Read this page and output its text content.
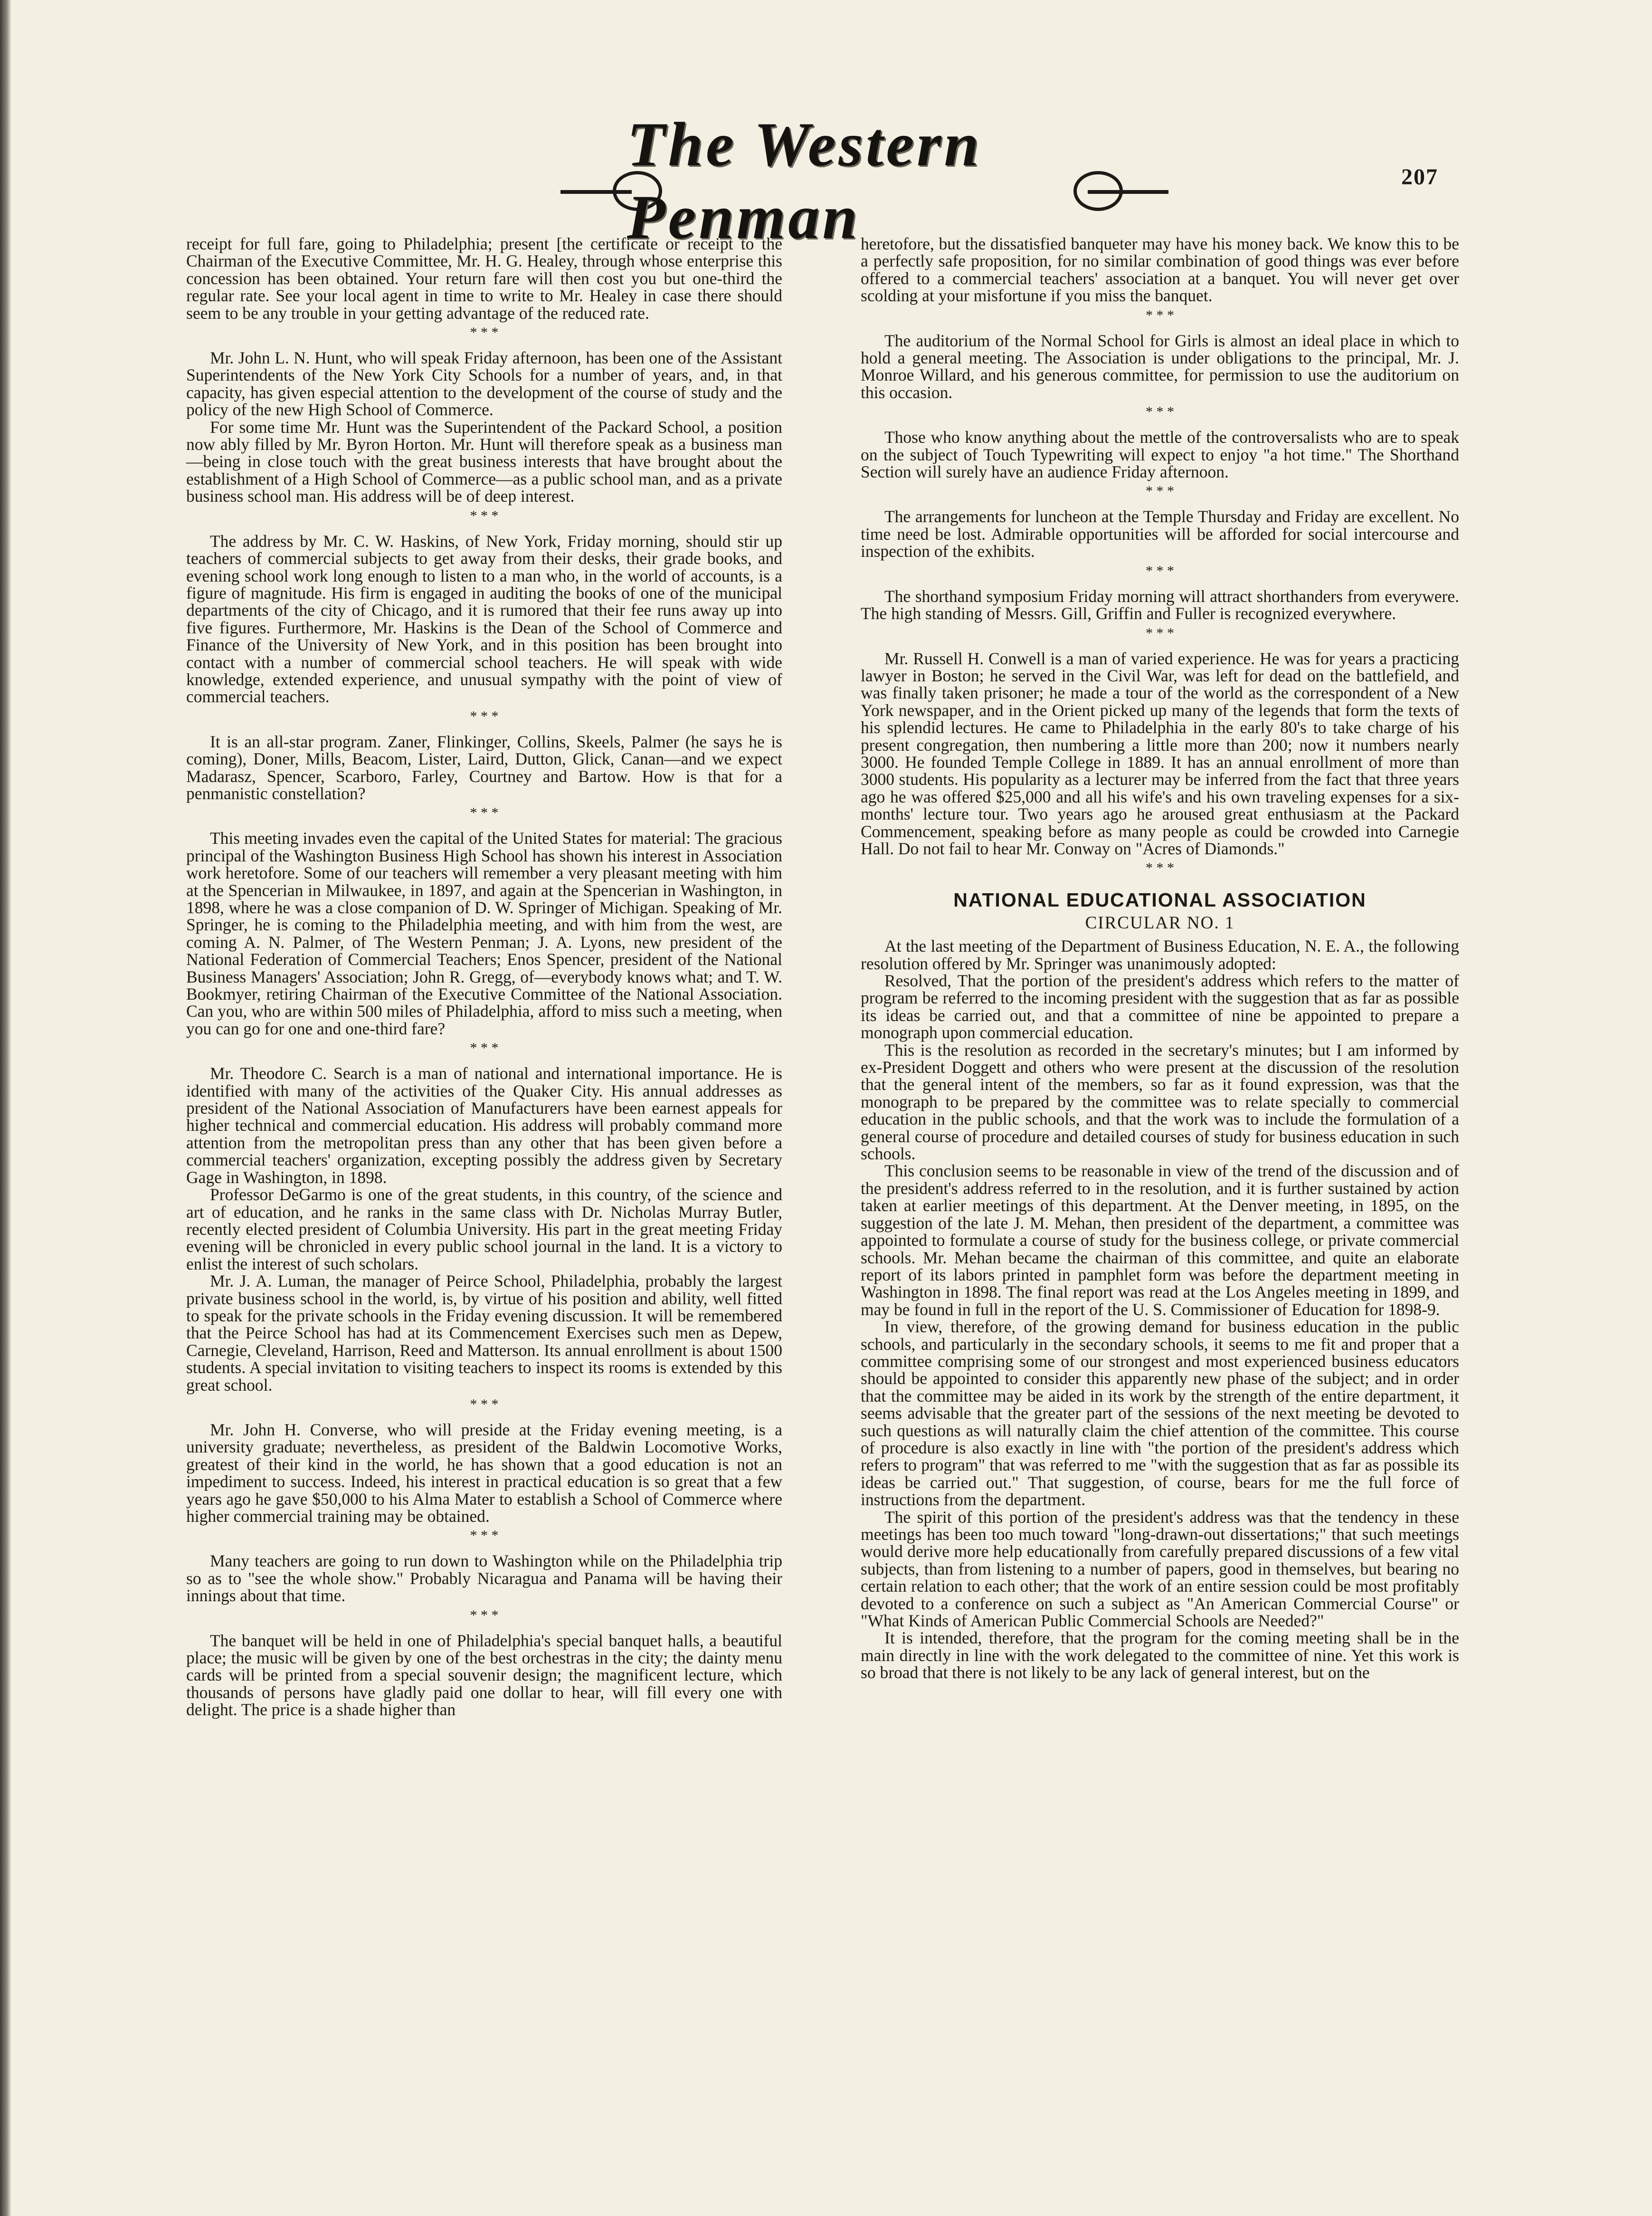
The Western Penman
207

receipt for full fare, going to Philadelphia; present [the certificate or receipt to the Chairman of the Executive Committee, Mr. H. G. Healey, through whose enterprise this concession has been obtained. Your return fare will then cost you but one-third the regular rate. See your local agent in time to write to Mr. Healey in case there should seem to be any trouble in your getting advantage of the reduced rate.

* * *

Mr. John L. N. Hunt, who will speak Friday afternoon, has been one of the Assistant Superintendents of the New York City Schools for a number of years, and, in that capacity, has given especial attention to the development of the course of study and the policy of the new High School of Commerce.

For some time Mr. Hunt was the Superintendent of the Packard School, a position now ably filled by Mr. Byron Horton. Mr. Hunt will therefore speak as a business man—being in close touch with the great business interests that have brought about the establishment of a High School of Commerce—as a public school man, and as a private business school man. His address will be of deep interest.

* * *

The address by Mr. C. W. Haskins, of New York, Friday morning, should stir up teachers of commercial subjects to get away from their desks, their grade books, and evening school work long enough to listen to a man who, in the world of accounts, is a figure of magnitude. His firm is engaged in auditing the books of one of the municipal departments of the city of Chicago, and it is rumored that their fee runs away up into five figures. Furthermore, Mr. Haskins is the Dean of the School of Commerce and Finance of the University of New York, and in this position has been brought into contact with a number of commercial school teachers. He will speak with wide knowledge, extended experience, and unusual sympathy with the point of view of commercial teachers.

* * *

It is an all-star program. Zaner, Flinkinger, Collins, Skeels, Palmer (he says he is coming), Doner, Mills, Beacom, Lister, Laird, Dutton, Glick, Canan—and we expect Madarasz, Spencer, Scarboro, Farley, Courtney and Bartow. How is that for a penmanistic constellation?

* * *

This meeting invades even the capital of the United States for material: The gracious principal of the Washington Business High School has shown his interest in Association work heretofore. Some of our teachers will remember a very pleasant meeting with him at the Spencerian in Milwaukee, in 1897, and again at the Spencerian in Washington, in 1898, where he was a close companion of D. W. Springer of Michigan. Speaking of Mr. Springer, he is coming to the Philadelphia meeting, and with him from the west, are coming A. N. Palmer, of The Western Penman; J. A. Lyons, new president of the National Federation of Commercial Teachers; Enos Spencer, president of the National Business Managers' Association; John R. Gregg, of—everybody knows what; and T. W. Bookmyer, retiring Chairman of the Executive Committee of the National Association. Can you, who are within 500 miles of Philadelphia, afford to miss such a meeting, when you can go for one and one-third fare?

* * *

Mr. Theodore C. Search is a man of national and international importance. He is identified with many of the activities of the Quaker City. His annual addresses as president of the National Association of Manufacturers have been earnest appeals for higher technical and commercial education. His address will probably command more attention from the metropolitan press than any other that has been given before a commercial teachers' organization, excepting possibly the address given by Secretary Gage in Washington, in 1898.

Professor DeGarmo is one of the great students, in this country, of the science and art of education, and he ranks in the same class with Dr. Nicholas Murray Butler, recently elected president of Columbia University. His part in the great meeting Friday evening will be chronicled in every public school journal in the land. It is a victory to enlist the interest of such scholars.

Mr. J. A. Luman, the manager of Peirce School, Philadelphia, probably the largest private business school in the world, is, by virtue of his position and ability, well fitted to speak for the private schools in the Friday evening discussion. It will be remembered that the Peirce School has had at its Commencement Exercises such men as Depew, Carnegie, Cleveland, Harrison, Reed and Matterson. Its annual enrollment is about 1500 students. A special invitation to visiting teachers to inspect its rooms is extended by this great school.

* * *

Mr. John H. Converse, who will preside at the Friday evening meeting, is a university graduate; nevertheless, as president of the Baldwin Locomotive Works, greatest of their kind in the world, he has shown that a good education is not an impediment to success. Indeed, his interest in practical education is so great that a few years ago he gave $50,000 to his Alma Mater to establish a School of Commerce where higher commercial training may be obtained.

* * *

Many teachers are going to run down to Washington while on the Philadelphia trip so as to "see the whole show." Probably Nicaragua and Panama will be having their innings about that time.

* * *

The banquet will be held in one of Philadelphia's special banquet halls, a beautiful place; the music will be given by one of the best orchestras in the city; the dainty menu cards will be printed from a special souvenir design; the magnificent lecture, which thousands of persons have gladly paid one dollar to hear, will fill every one with delight. The price is a shade higher than

heretofore, but the dissatisfied banqueter may have his money back. We know this to be a perfectly safe proposition, for no similar combination of good things was ever before offered to a commercial teachers' association at a banquet. You will never get over scolding at your misfortune if you miss the banquet.

* * *

The auditorium of the Normal School for Girls is almost an ideal place in which to hold a general meeting. The Association is under obligations to the principal, Mr. J. Monroe Willard, and his generous committee, for permission to use the auditorium on this occasion.

* * *

Those who know anything about the mettle of the controversalists who are to speak on the subject of Touch Typewriting will expect to enjoy "a hot time." The Shorthand Section will surely have an audience Friday afternoon.

* * *

The arrangements for luncheon at the Temple Thursday and Friday are excellent. No time need be lost. Admirable opportunities will be afforded for social intercourse and inspection of the exhibits.

* * *

The shorthand symposium Friday morning will attract shorthanders from everywere. The high standing of Messrs. Gill, Griffin and Fuller is recognized everywhere.

* * *

Mr. Russell H. Conwell is a man of varied experience. He was for years a practicing lawyer in Boston; he served in the Civil War, was left for dead on the battlefield, and was finally taken prisoner; he made a tour of the world as the correspondent of a New York newspaper, and in the Orient picked up many of the legends that form the texts of his splendid lectures. He came to Philadelphia in the early 80's to take charge of his present congregation, then numbering a little more than 200; now it numbers nearly 3000. He founded Temple College in 1889. It has an annual enrollment of more than 3000 students. His popularity as a lecturer may be inferred from the fact that three years ago he was offered $25,000 and all his wife's and his own traveling expenses for a six-months' lecture tour. Two years ago he aroused great enthusiasm at the Packard Commencement, speaking before as many people as could be crowded into Carnegie Hall. Do not fail to hear Mr. Conway on "Acres of Diamonds."

* * *
NATIONAL EDUCATIONAL ASSOCIATION
CIRCULAR NO. 1

At the last meeting of the Department of Business Education, N. E. A., the following resolution offered by Mr. Springer was unanimously adopted:

Resolved, That the portion of the president's address which refers to the matter of program be referred to the incoming president with the suggestion that as far as possible its ideas be carried out, and that a committee of nine be appointed to prepare a monograph upon commercial education.

This is the resolution as recorded in the secretary's minutes; but I am informed by ex-President Doggett and others who were present at the discussion of the resolution that the general intent of the members, so far as it found expression, was that the monograph to be prepared by the committee was to relate specially to commercial education in the public schools, and that the work was to include the formulation of a general course of procedure and detailed courses of study for business education in such schools.

This conclusion seems to be reasonable in view of the trend of the discussion and of the president's address referred to in the resolution, and it is further sustained by action taken at earlier meetings of this department. At the Denver meeting, in 1895, on the suggestion of the late J. M. Mehan, then president of the department, a committee was appointed to formulate a course of study for the business college, or private commercial schools. Mr. Mehan became the chairman of this committee, and quite an elaborate report of its labors printed in pamphlet form was before the department meeting in Washington in 1898. The final report was read at the Los Angeles meeting in 1899, and may be found in full in the report of the U. S. Commissioner of Education for 1898-9.

In view, therefore, of the growing demand for business education in the public schools, and particularly in the secondary schools, it seems to me fit and proper that a committee comprising some of our strongest and most experienced business educators should be appointed to consider this apparently new phase of the subject; and in order that the committee may be aided in its work by the strength of the entire department, it seems advisable that the greater part of the sessions of the next meeting be devoted to such questions as will naturally claim the chief attention of the committee. This course of procedure is also exactly in line with "the portion of the president's address which refers to program" that was referred to me "with the suggestion that as far as possible its ideas be carried out." That suggestion, of course, bears for me the full force of instructions from the department.

The spirit of this portion of the president's address was that the tendency in these meetings has been too much toward "long-drawn-out dissertations;" that such meetings would derive more help educationally from carefully prepared discussions of a few vital subjects, than from listening to a number of papers, good in themselves, but bearing no certain relation to each other; that the work of an entire session could be most profitably devoted to a conference on such a subject as "An American Commercial Course" or "What Kinds of American Public Commercial Schools are Needed?"

It is intended, therefore, that the program for the coming meeting shall be in the main directly in line with the work delegated to the committee of nine. Yet this work is so broad that there is not likely to be any lack of general interest, but on the
